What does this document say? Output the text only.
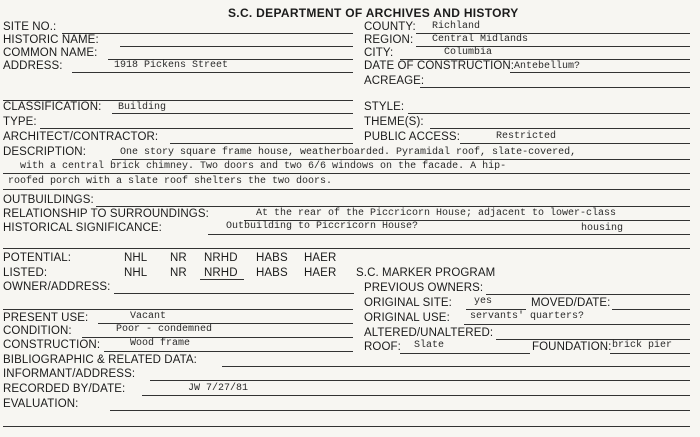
S.C. DEPARTMENT OF ARCHIVES AND HISTORY
SITE NO.:
HISTORIC NAME:
COMMON NAME:
ADDRESS:	1918 Pickens Street
CLASSIFICATION: Building
TYPE:
ARCHITECT/CONTRACTOR:
COUNTY: Richland
REGION: Central Midlands
CITY:	Columbia
DATE OF CONSTRUCTION: Antebellum?
ACREAGE:
STYLE:
THEME(S):
PUBLIC ACCESS:	Restricted
DESCRIPTION:	One story square frame house, weatherboarded. Pyramidal roof, slate-covered,
with a central brick chimney. Two doors and two 6/6 windows on the facade. A hip-
roofed porch with a slate roof shelters the two doors.
OUTBUILDINGS:
RELATIONSHIP TO SURROUNDINGS:	At the rear of the Piccricorn House; adjacent to lower-class
HISTORICAL SIGNIFICANCE:	Outbuilding to Piccricorn House?	housing
POTENTIAL:	NHL NR NRHD HABS HAER
LISTED:	NHL NR NRHD HABS HAER S.C. MARKER PROGRAM
OWNER/ADDRESS:	PREVIOUS OWNERS:
ORIGINAL SITE: yes	MOVED/DATE:
PRESENT USE:	Vacant	ORIGINAL USE: servants' quarters?
CONDITION:	Poor - condemned	ALTERED/UNALTERED:
CONSTRUCTION:	Wood frame	ROOF: Slate	FOUNDATION: brick pier
BIBLIOGRAPHIC & RELATED DATA:
INFORMANT/ADDRESS:
RECORDED BY/DATE:	JW 7/27/81
EVALUATION:
